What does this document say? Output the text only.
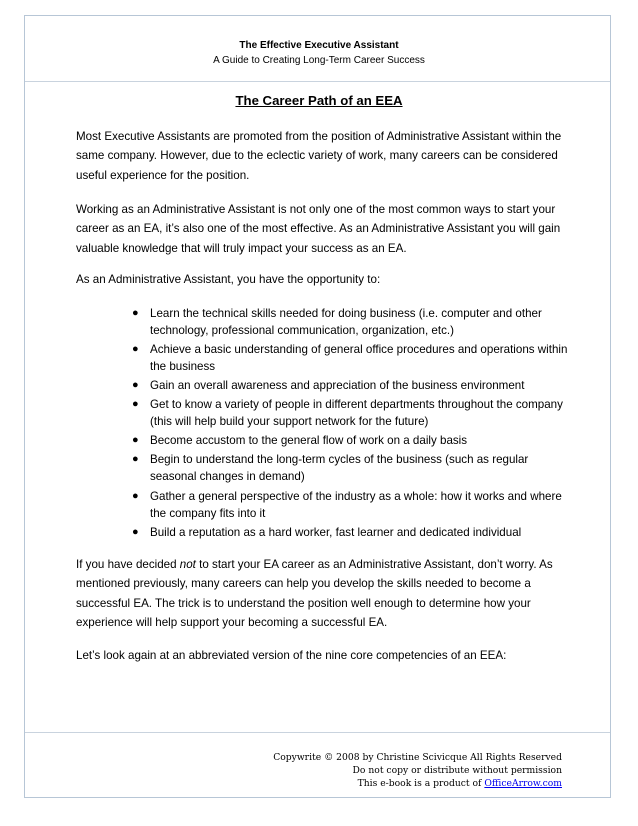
The Effective Executive Assistant
A Guide to Creating Long-Term Career Success
The Career Path of an EEA

Most Executive Assistants are promoted from the position of Administrative Assistant within the same company. However, due to the eclectic variety of work, many careers can be considered useful experience for the position.

Working as an Administrative Assistant is not only one of the most common ways to start your career as an EA, it’s also one of the most effective. As an Administrative Assistant you will gain valuable knowledge that will truly impact your success as an EA.

As an Administrative Assistant, you have the opportunity to:

● Learn the technical skills needed for doing business (i.e. computer and other technology, professional communication, organization, etc.)
● Achieve a basic understanding of general office procedures and operations within the business
● Gain an overall awareness and appreciation of the business environment
● Get to know a variety of people in different departments throughout the company (this will help build your support network for the future)
● Become accustom to the general flow of work on a daily basis
● Begin to understand the long-term cycles of the business (such as regular seasonal changes in demand)
● Gather a general perspective of the industry as a whole: how it works and where the company fits into it
● Build a reputation as a hard worker, fast learner and dedicated individual

If you have decided not to start your EA career as an Administrative Assistant, don’t worry. As mentioned previously, many careers can help you develop the skills needed to become a successful EA. The trick is to understand the position well enough to determine how your experience will help support your becoming a successful EA.

Let’s look again at an abbreviated version of the nine core competencies of an EEA:

Copywrite © 2008 by Christine Scivicque All Rights Reserved
Do not copy or distribute without permission
This e-book is a product of OfficeArrow.com
